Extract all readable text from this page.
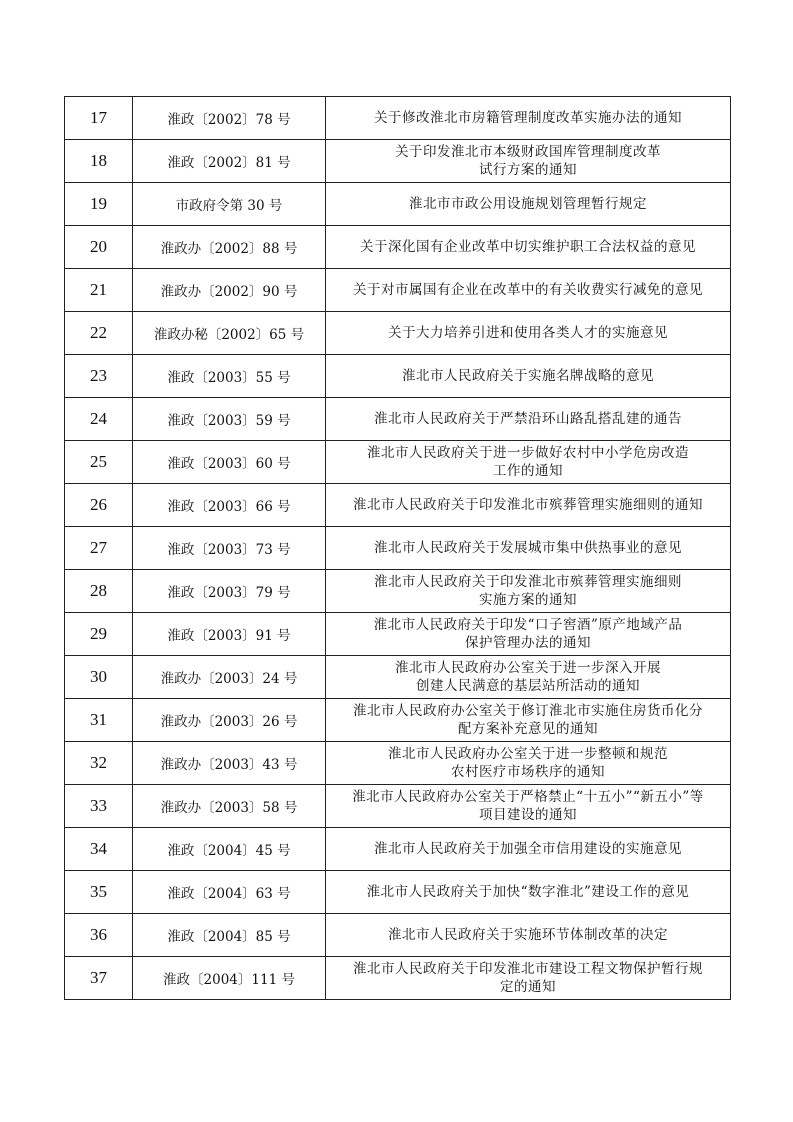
17	淮政〔2002〕78 号	关于修改淮北市房籍管理制度改革实施办法的通知
18	淮政〔2002〕81 号	关于印发淮北市本级财政国库管理制度改革
试行方案的通知
19	市政府令第 30 号	淮北市市政公用设施规划管理暂行规定
20	淮政办〔2002〕88 号	关于深化国有企业改革中切实维护职工合法权益的意见
21	淮政办〔2002〕90 号	关于对市属国有企业在改革中的有关收费实行减免的意见
22	淮政办秘〔2002〕65 号	关于大力培养引进和使用各类人才的实施意见
23	淮政〔2003〕55 号	淮北市人民政府关于实施名牌战略的意见
24	淮政〔2003〕59 号	淮北市人民政府关于严禁沿环山路乱搭乱建的通告
25	淮政〔2003〕60 号	淮北市人民政府关于进一步做好农村中小学危房改造
工作的通知
26	淮政〔2003〕66 号	淮北市人民政府关于印发淮北市殡葬管理实施细则的通知
27	淮政〔2003〕73 号	淮北市人民政府关于发展城市集中供热事业的意见
28	淮政〔2003〕79 号	淮北市人民政府关于印发淮北市殡葬管理实施细则
实施方案的通知
29	淮政〔2003〕91 号	淮北市人民政府关于印发“口子窖酒”原产地域产品
保护管理办法的通知
30	淮政办〔2003〕24 号	淮北市人民政府办公室关于进一步深入开展
创建人民满意的基层站所活动的通知
31	淮政办〔2003〕26 号	淮北市人民政府办公室关于修订淮北市实施住房货币化分
配方案补充意见的通知
32	淮政办〔2003〕43 号	淮北市人民政府办公室关于进一步整顿和规范
农村医疗市场秩序的通知
33	淮政办〔2003〕58 号	淮北市人民政府办公室关于严格禁止“十五小”“新五小”等
项目建设的通知
34	淮政〔2004〕45 号	淮北市人民政府关于加强全市信用建设的实施意见
35	淮政〔2004〕63 号	淮北市人民政府关于加快“数字淮北”建设工作的意见
36	淮政〔2004〕85 号	淮北市人民政府关于实施环节体制改革的决定
37	淮政〔2004〕111 号	淮北市人民政府关于印发淮北市建设工程文物保护暂行规
定的通知
